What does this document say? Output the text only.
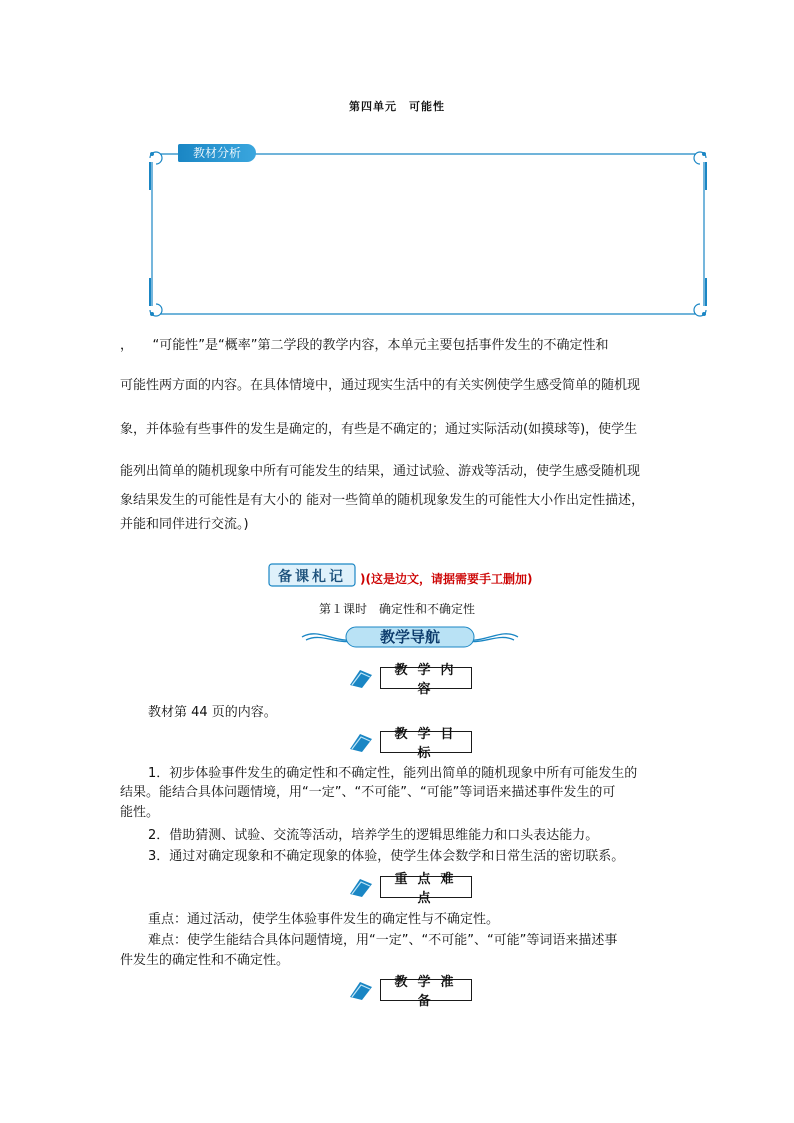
第四单元　可能性
教材分析
，　　“可能性”是“概率”第二学段的教学内容，本单元主要包括事件发生的不确定性和
可能性两方面的内容。在具体情境中，通过现实生活中的有关实例使学生感受简单的随机现
象，并体验有些事件的发生是确定的，有些是不确定的；通过实际活动(如摸球等)，使学生
能列出简单的随机现象中所有可能发生的结果，通过试验、游戏等活动，使学生感受随机现
象结果发生的可能性是有大小的 能对一些简单的随机现象发生的可能性大小作出定性描述，
并能和同伴进行交流。)
备课札记	)(这是边文，请据需要手工删加)
第１课时　确定性和不确定性
教学导航
教学内容
教材第 44 页的内容。
教学目标
1．初步体验事件发生的确定性和不确定性，能列出简单的随机现象中所有可能发生的
结果。能结合具体问题情境，用“一定”、“不可能”、“可能”等词语来描述事件发生的可
能性。
2．借助猜测、试验、交流等活动，培养学生的逻辑思维能力和口头表达能力。
3．通过对确定现象和不确定现象的体验，使学生体会数学和日常生活的密切联系。
重点难点
重点：通过活动，使学生体验事件发生的确定性与不确定性。
难点：使学生能结合具体问题情境，用“一定”、“不可能”、“可能”等词语来描述事
件发生的确定性和不确定性。
教学准备
